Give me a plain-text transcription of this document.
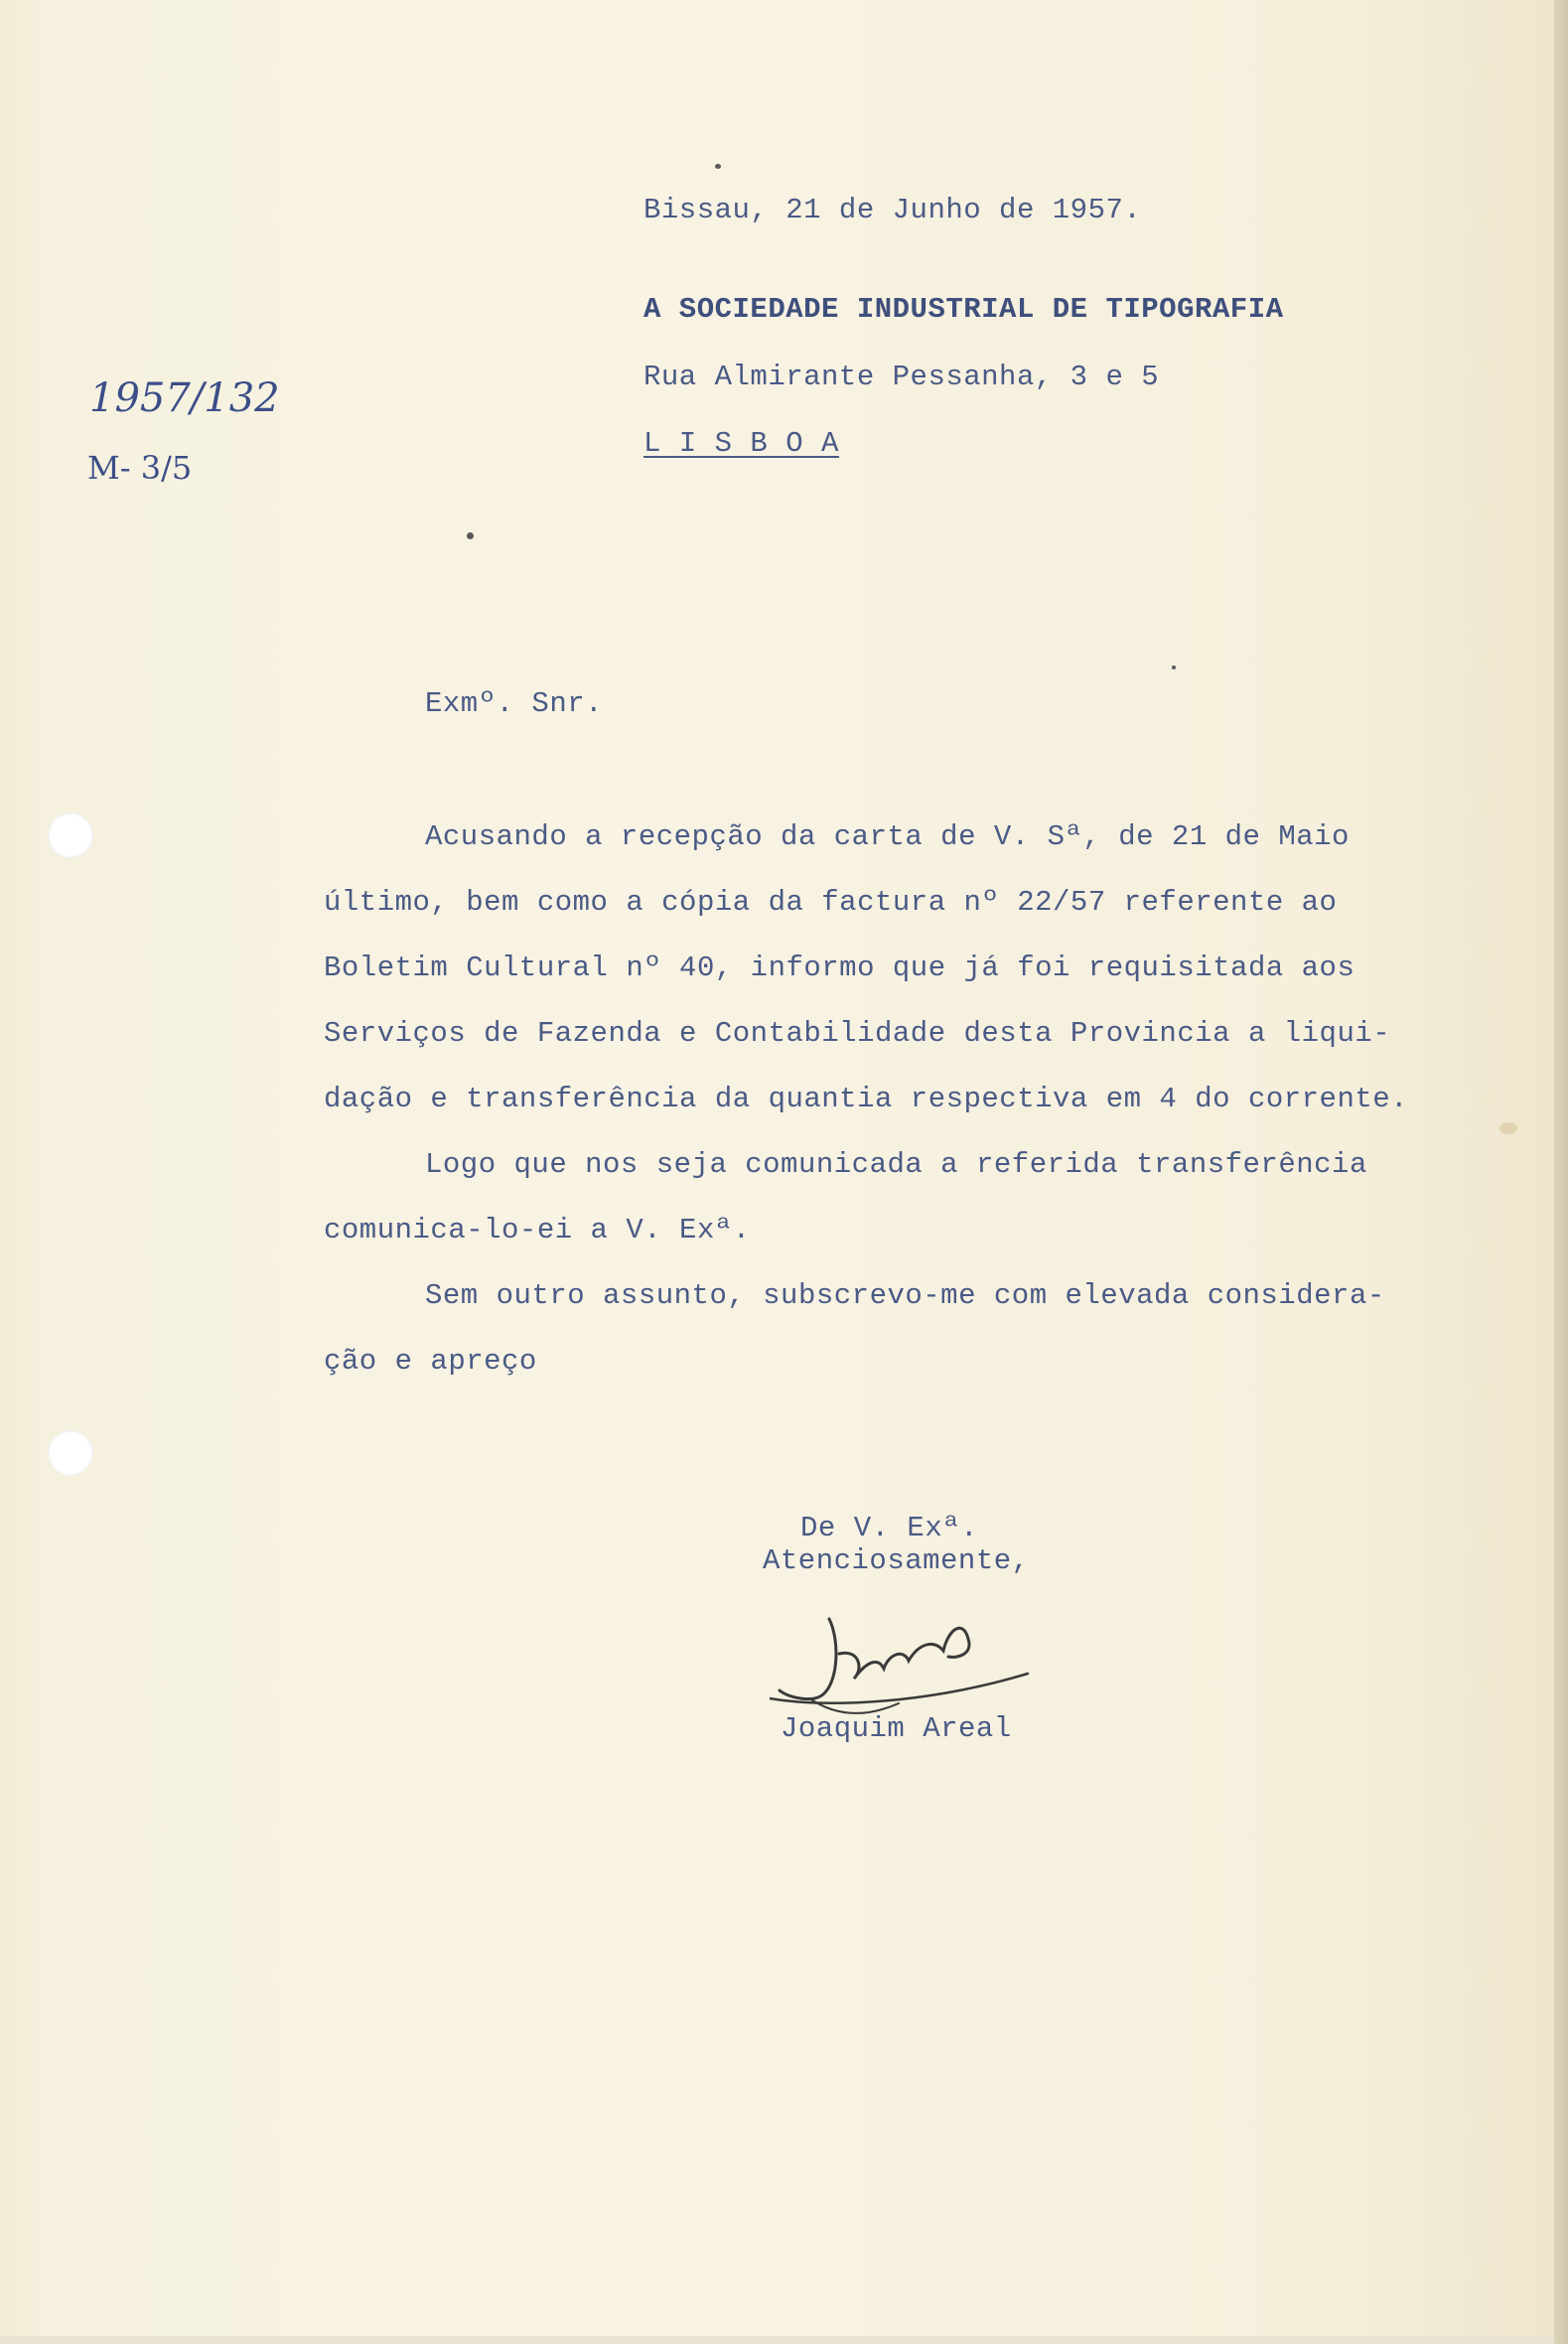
1957/132
M- 3/5
Bissau, 21 de Junho de 1957.
A SOCIEDADE INDUSTRIAL DE TIPOGRAFIA
Rua Almirante Pessanha, 3 e 5
L I S B O A
Exmº. Snr.
Acusando a recepção da carta de V. Sª, de 21 de Maio
último, bem como a cópia da factura nº 22/57 referente ao
Boletim Cultural nº 40, informo que já foi requisitada aos
Serviços de Fazenda e Contabilidade desta Provincia a liqui-
dação e transferência da quantia respectiva em 4 do corrente.
Logo que nos seja comunicada a referida transferência
comunica-lo-ei a V. Exª.
Sem outro assunto, subscrevo-me com elevada considera-
ção e apreço
De V. Exª.
Atenciosamente,
Joaquim Areal
